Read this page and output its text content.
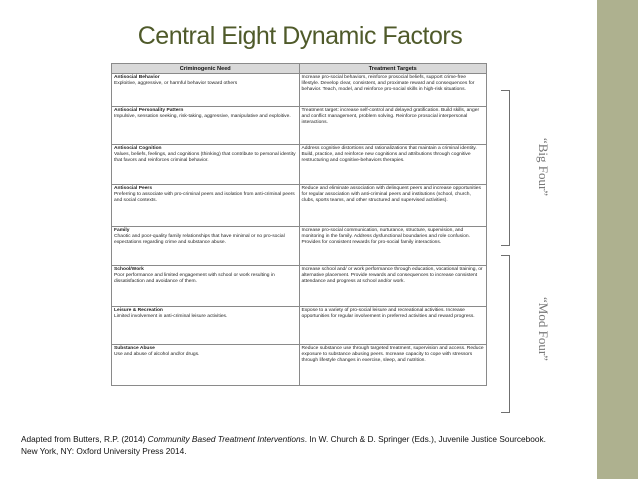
Central Eight Dynamic Factors
Criminogenic Need	Treatment Targets

Antisocial Behavior
Exploitive, aggressive, or harmful behavior toward others	Increase pro-social behaviors, reinforce prosocial beliefs, support crime-free lifestyle. Develop clear, consistent, and proximate reward and consequences for behavior. Teach, model, and reinforce pro-social skills in high-risk situations.

Antisocial Personality Pattern
Impulsive, sensation seeking, risk-taking, aggressive, manipulative and exploitive.	Treatment target: increase self-control and delayed gratification. Build skills, anger and conflict management, problem solving. Reinforce prosocial interpersonal interactions.

Antisocial Cognition
Values, beliefs, feelings, and cognitions (thinking) that contribute to personal identity that favors and reinforces criminal behavior.	Address cognitive distortions and rationalizations that maintain a criminal identity. Build, practice, and reinforce new cognitions and attributions through cognitive restructuring and cognitive-behaviors therapies.

Antisocial Peers
Preferring to associate with pro-criminal peers and isolation from anti-criminal peers and social contexts.	Reduce and eliminate association with delinquent peers and increase opportunities for regular association with anti-criminal peers and institutions (school, church, clubs, sports teams, and other structured and supervised activities).

Family
Chaotic and poor-quality family relationships that have minimal or no pro-social expectations regarding crime and substance abuse.	Increase pro-social communication, nurturance, structure, supervision, and monitoring in the family. Address dysfunctional boundaries and role confusion. Provides for consistent rewards for pro-social family interactions.

School/Work
Poor performance and limited engagement with school or work resulting in dissatisfaction and avoidance of them.	Increase school and/ or work performance through education, vocational training, or alternative placement. Provide rewards and consequences to increase consistent attendance and progress at school and/or work.

Leisure & Recreation
Limited involvement in anti-criminal leisure activities.	Expose to a variety of pro-social leisure and recreational activities. Increase opportunities for regular involvement in preferred activities and reward progress.

Substance Abuse
Use and abuse of alcohol and/or drugs.	Reduce substance use through targeted treatment, supervision and access. Reduce exposure to substance abusing peers. Increase capacity to cope with stressors through lifestyle changes in exercise, sleep, and nutrition.
“Big Four”
“Mod Four”
Adapted from Butters, R.P. (2014) Community Based Treatment Interventions. In W. Church & D. Springer (Eds.), Juvenile Justice Sourcebook.
New York, NY: Oxford University Press 2014.
